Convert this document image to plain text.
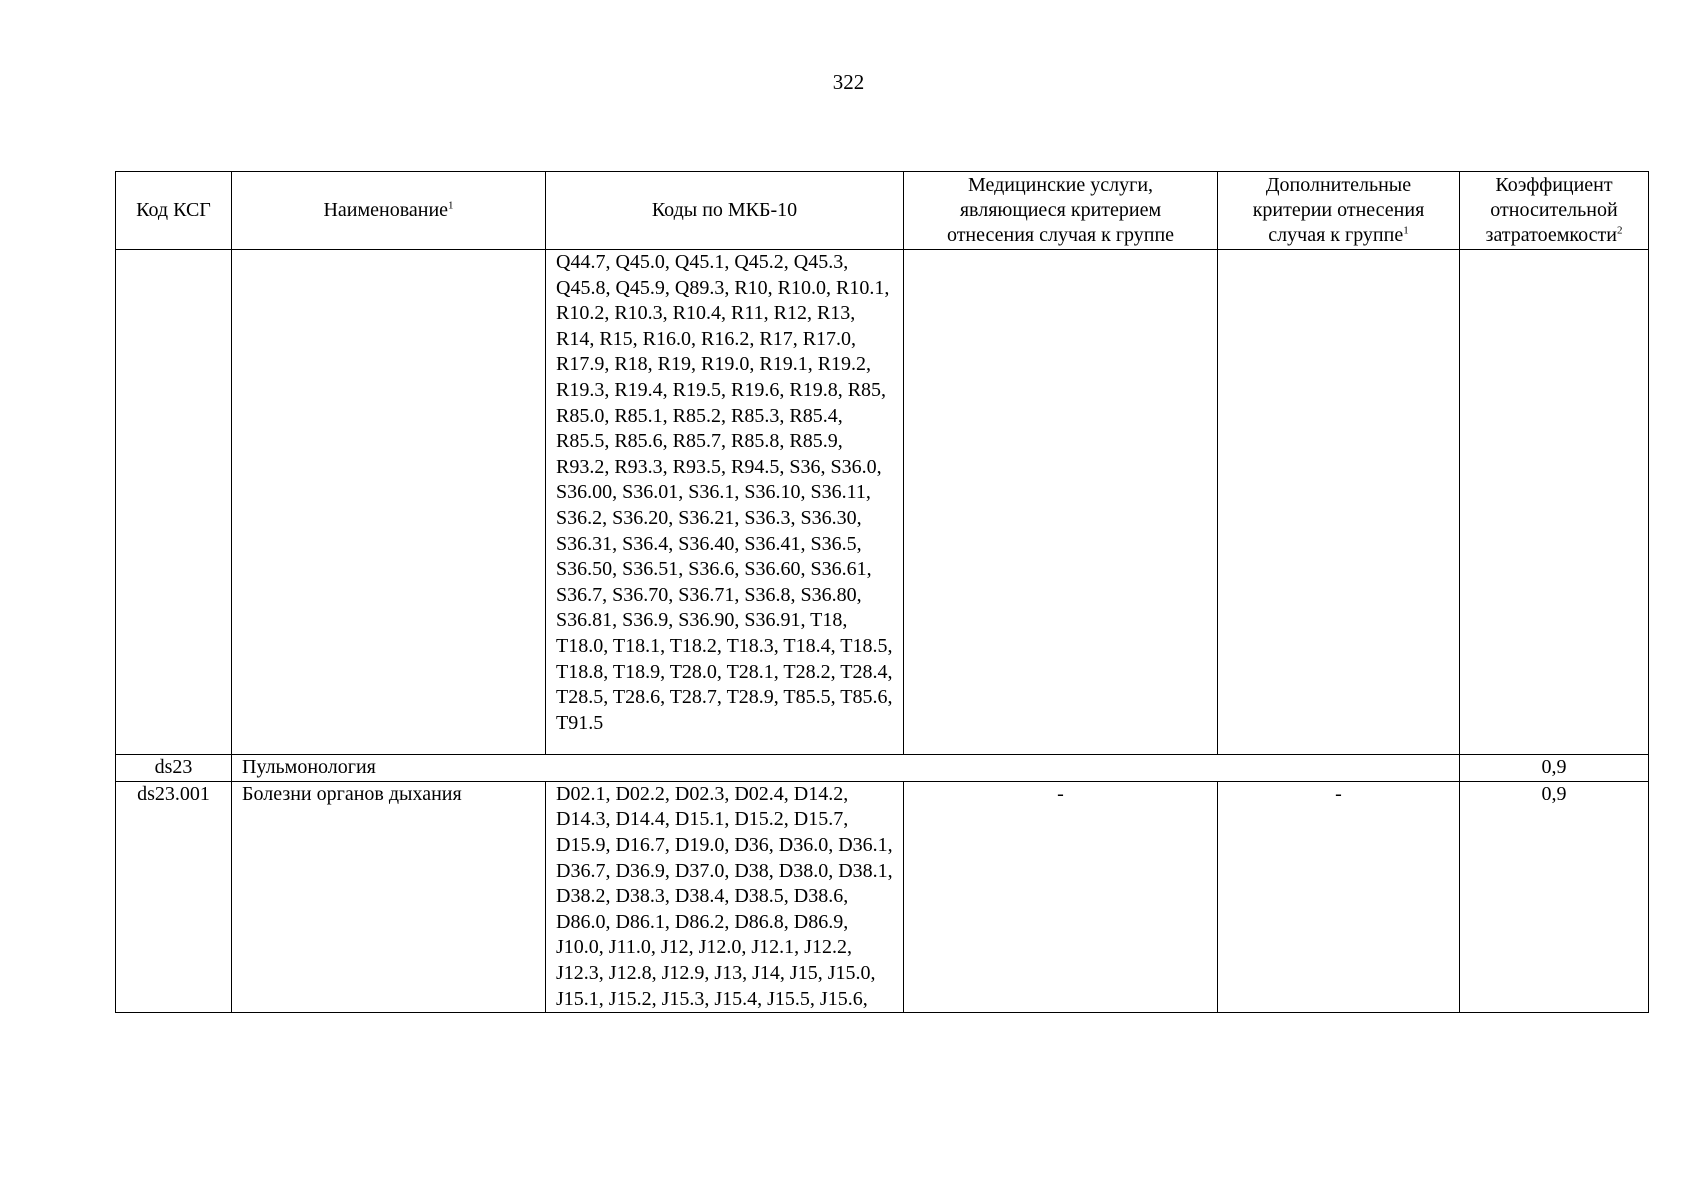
322
Код КСГ	Наименование$^1$	Коды по МКБ-10	Медицинские услуги, являющиеся критерием отнесения случая к группе	Дополнительные критерии отнесения случая к группе$^1$	Коэффициент относительной затратоемкости$^2$
		Q44.7, Q45.0, Q45.1, Q45.2, Q45.3, Q45.8, Q45.9, Q89.3, R10, R10.0, R10.1, R10.2, R10.3, R10.4, R11, R12, R13, R14, R15, R16.0, R16.2, R17, R17.0, R17.9, R18, R19, R19.0, R19.1, R19.2, R19.3, R19.4, R19.5, R19.6, R19.8, R85, R85.0, R85.1, R85.2, R85.3, R85.4, R85.5, R85.6, R85.7, R85.8, R85.9, R93.2, R93.3, R93.5, R94.5, S36, S36.0, S36.00, S36.01, S36.1, S36.10, S36.11, S36.2, S36.20, S36.21, S36.3, S36.30, S36.31, S36.4, S36.40, S36.41, S36.5, S36.50, S36.51, S36.6, S36.60, S36.61, S36.7, S36.70, S36.71, S36.8, S36.80, S36.81, S36.9, S36.90, S36.91, T18, T18.0, T18.1, T18.2, T18.3, T18.4, T18.5, T18.8, T18.9, T28.0, T28.1, T28.2, T28.4, T28.5, T28.6, T28.7, T28.9, T85.5, T85.6, T91.5			
ds23	Пульмонология				0,9
ds23.001	Болезни органов дыхания	D02.1, D02.2, D02.3, D02.4, D14.2, D14.3, D14.4, D15.1, D15.2, D15.7, D15.9, D16.7, D19.0, D36, D36.0, D36.1, D36.7, D36.9, D37.0, D38, D38.0, D38.1, D38.2, D38.3, D38.4, D38.5, D38.6, D86.0, D86.1, D86.2, D86.8, D86.9, J10.0, J11.0, J12, J12.0, J12.1, J12.2, J12.3, J12.8, J12.9, J13, J14, J15, J15.0, J15.1, J15.2, J15.3, J15.4, J15.5, J15.6,	-	-	0,9
